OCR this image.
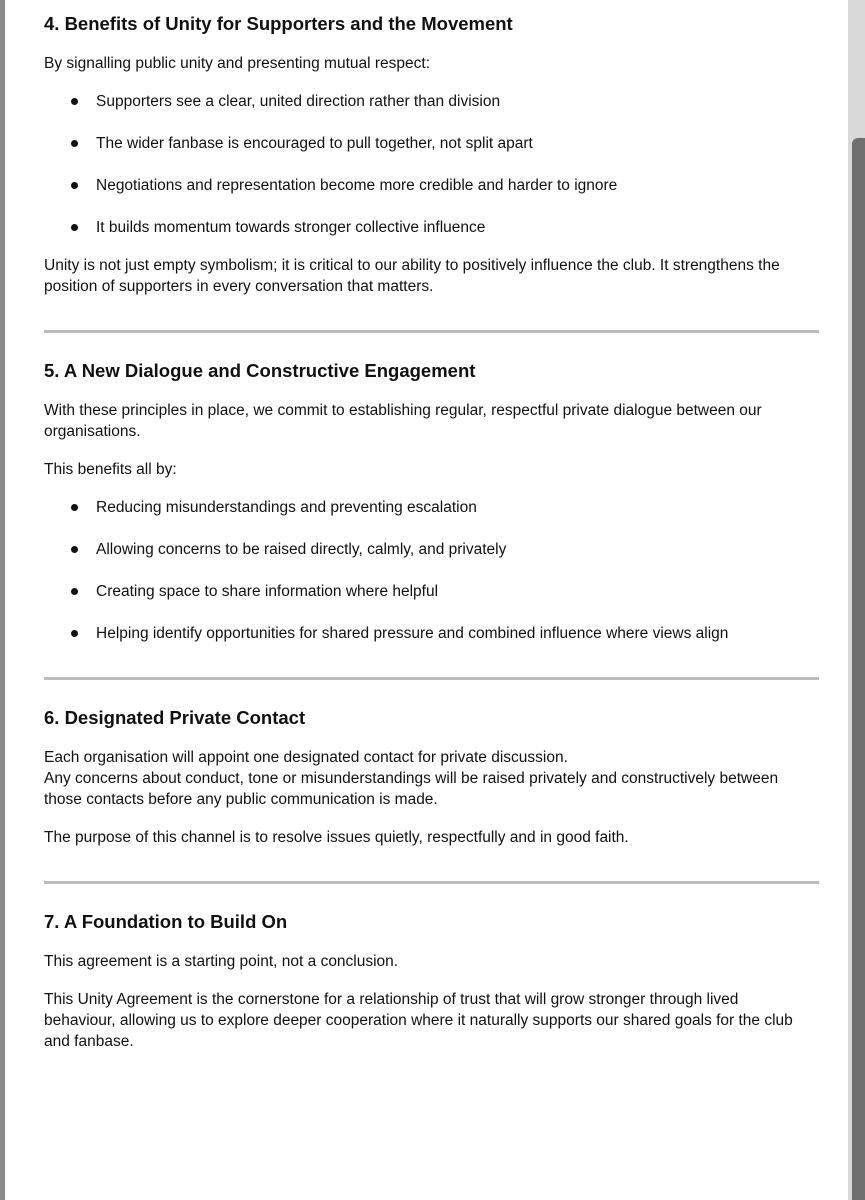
4. Benefits of Unity for Supporters and the Movement

By signalling public unity and presenting mutual respect:

Supporters see a clear, united direction rather than division
The wider fanbase is encouraged to pull together, not split apart
Negotiations and representation become more credible and harder to ignore
It builds momentum towards stronger collective influence

Unity is not just empty symbolism; it is critical to our ability to positively influence the club. It strengthens the

position of supporters in every conversation that matters.

5. A New Dialogue and Constructive Engagement

With these principles in place, we commit to establishing regular, respectful private dialogue between our

organisations.

This benefits all by:

Reducing misunderstandings and preventing escalation
Allowing concerns to be raised directly, calmly, and privately
Creating space to share information where helpful
Helping identify opportunities for shared pressure and combined influence where views align
6. Designated Private Contact

Each organisation will appoint one designated contact for private discussion.

Any concerns about conduct, tone or misunderstandings will be raised privately and constructively between

those contacts before any public communication is made.

The purpose of this channel is to resolve issues quietly, respectfully and in good faith.

7. A Foundation to Build On

This agreement is a starting point, not a conclusion.

This Unity Agreement is the cornerstone for a relationship of trust that will grow stronger through lived

behaviour, allowing us to explore deeper cooperation where it naturally supports our shared goals for the club

and fanbase.
